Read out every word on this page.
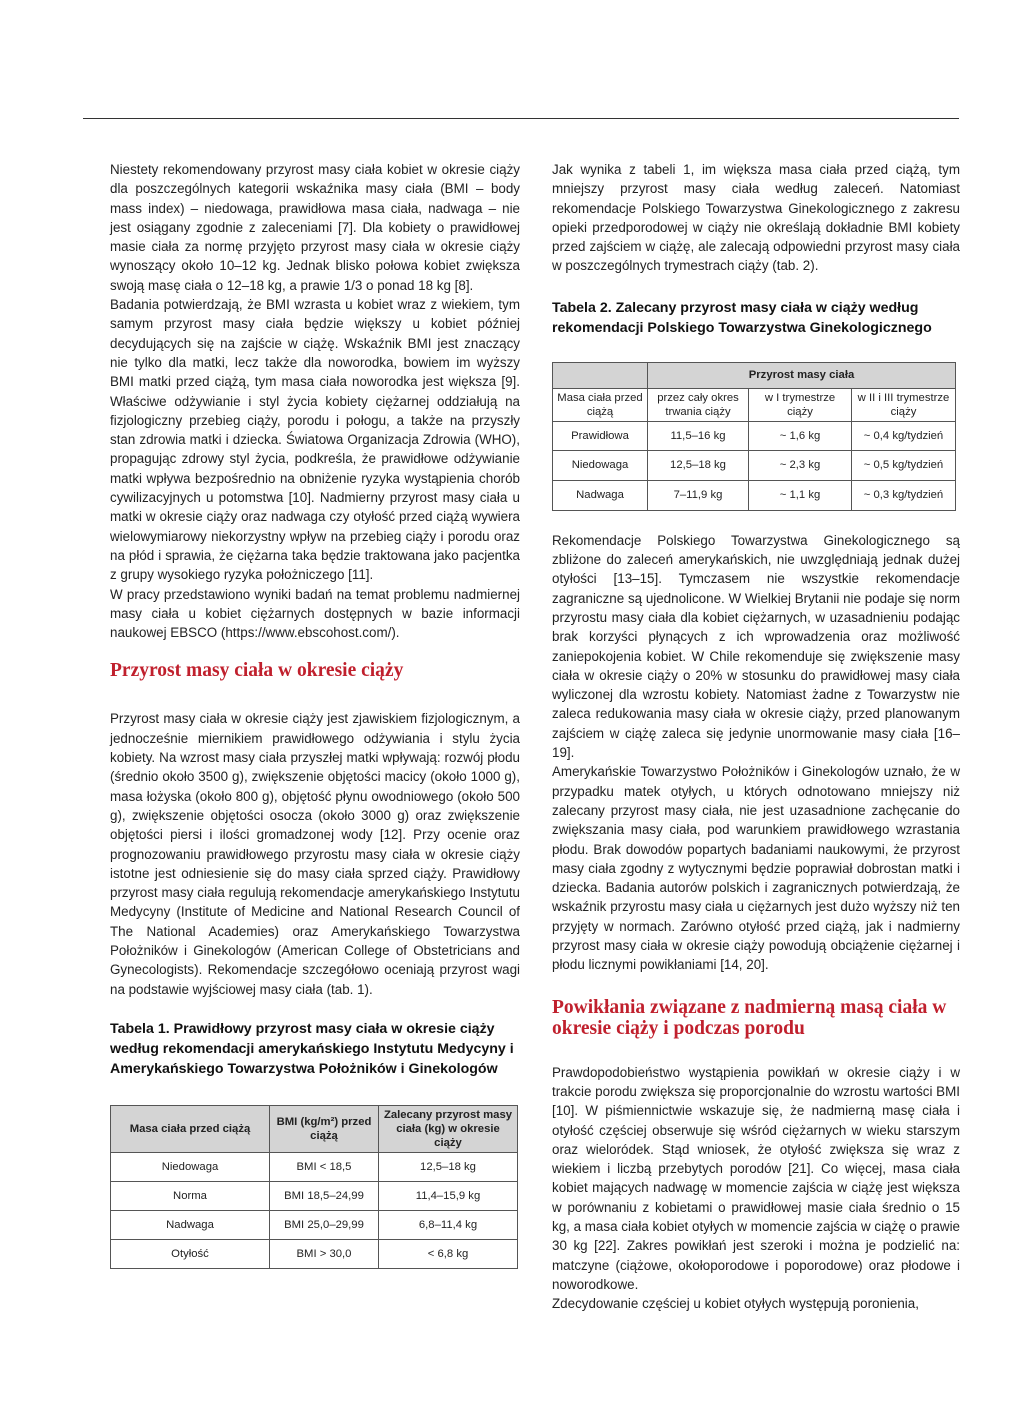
Niestety rekomendowany przyrost masy ciała kobiet w okresie ciąży dla poszczególnych kategorii wskaźnika masy ciała (BMI – body mass index) – niedowaga, prawidłowa masa ciała, nadwaga – nie jest osiągany zgodnie z zaleceniami [7]. Dla kobiety o prawidłowej masie ciała za normę przyjęto przyrost masy ciała w okresie ciąży wynoszący około 10–12 kg. Jednak blisko połowa kobiet zwiększa swoją masę ciała o 12–18 kg, a prawie 1/3 o ponad 18 kg [8].

Badania potwierdzają, że BMI wzrasta u kobiet wraz z wiekiem, tym samym przyrost masy ciała będzie większy u kobiet później decydujących się na zajście w ciążę. Wskaźnik BMI jest znaczący nie tylko dla matki, lecz także dla noworodka, bowiem im wyższy BMI matki przed ciążą, tym masa ciała noworodka jest większa [9]. Właściwe odżywianie i styl życia kobiety ciężarnej oddziałują na fizjologiczny przebieg ciąży, porodu i połogu, a także na przyszły stan zdrowia matki i dziecka. Światowa Organizacja Zdrowia (WHO), propagując zdrowy styl życia, podkreśla, że prawidłowe odżywianie matki wpływa bezpośrednio na obniżenie ryzyka wystąpienia chorób cywilizacyjnych u potomstwa [10]. Nadmierny przyrost masy ciała u matki w okresie ciąży oraz nadwaga czy otyłość przed ciążą wywiera wielowymiarowy niekorzystny wpływ na przebieg ciąży i porodu oraz na płód i sprawia, że ciężarna taka będzie traktowana jako pacjentka z grupy wysokiego ryzyka położniczego [11].

W pracy przedstawiono wyniki badań na temat problemu nadmiernej masy ciała u kobiet ciężarnych dostępnych w bazie informacji naukowej EBSCO (https://www.ebscohost.com/).

Przyrost masy ciała w okresie ciąży

Przyrost masy ciała w okresie ciąży jest zjawiskiem fizjologicznym, a jednocześnie miernikiem prawidłowego odżywiania i stylu życia kobiety. Na wzrost masy ciała przyszłej matki wpływają: rozwój płodu (średnio około 3500 g), zwiększenie objętości macicy (około 1000 g), masa łożyska (około 800 g), objętość płynu owodniowego (około 500 g), zwiększenie objętości osocza (około 3000 g) oraz zwiększenie objętości piersi i ilości gromadzonej wody [12]. Przy ocenie oraz prognozowaniu prawidłowego przyrostu masy ciała w okresie ciąży istotne jest odniesienie się do masy ciała sprzed ciąży. Prawidłowy przyrost masy ciała regulują rekomendacje amerykańskiego Instytutu Medycyny (Institute of Medicine and National Research Council of The National Academies) oraz Amerykańskiego Towarzystwa Położników i Ginekologów (American College of Obstetricians and Gynecologists). Rekomendacje szczegółowo oceniają przyrost wagi na podstawie wyjściowej masy ciała (tab. 1).

Tabela 1. Prawidłowy przyrost masy ciała w okresie ciąży według rekomendacji amerykańskiego Instytutu Medycyny i Amerykańskiego Towarzystwa Położników i Ginekologów
Masa ciała przed ciążą	BMI (kg/m²) przed ciążą	Zalecany przyrost masy ciała (kg) w okresie ciąży
Niedowaga	BMI < 18,5	12,5–18 kg
Norma	BMI 18,5–24,99	11,4–15,9 kg
Nadwaga	BMI 25,0–29,99	6,8–11,4 kg
Otyłość	BMI > 30,0	< 6,8 kg

Jak wynika z tabeli 1, im większa masa ciała przed ciążą, tym mniejszy przyrost masy ciała według zaleceń. Natomiast rekomendacje Polskiego Towarzystwa Ginekologicznego z zakresu opieki przedporodowej w ciąży nie określają dokładnie BMI kobiety przed zajściem w ciążę, ale zalecają odpowiedni przyrost masy ciała w poszczególnych trymestrach ciąży (tab. 2).

Tabela 2. Zalecany przyrost masy ciała w ciąży według rekomendacji Polskiego Towarzystwa Ginekologicznego
	Przyrost masy ciała		
Masa ciała przed ciążą	przez cały okres trwania ciąży	w I trymestrze ciąży	w II i III trymestrze ciąży
Prawidłowa	11,5–16 kg	~ 1,6 kg	~ 0,4 kg/tydzień
Niedowaga	12,5–18 kg	~ 2,3 kg	~ 0,5 kg/tydzień
Nadwaga	7–11,9 kg	~ 1,1 kg	~ 0,3 kg/tydzień

Rekomendacje Polskiego Towarzystwa Ginekologicznego są zbliżone do zaleceń amerykańskich, nie uwzględniają jednak dużej otyłości [13–15]. Tymczasem nie wszystkie rekomendacje zagraniczne są ujednolicone. W Wielkiej Brytanii nie podaje się norm przyrostu masy ciała dla kobiet ciężarnych, w uzasadnieniu podając brak korzyści płynących z ich wprowadzenia oraz możliwość zaniepokojenia kobiet. W Chile rekomenduje się zwiększenie masy ciała w okresie ciąży o 20% w stosunku do prawidłowej masy ciała wyliczonej dla wzrostu kobiety. Natomiast żadne z Towarzystw nie zaleca redukowania masy ciała w okresie ciąży, przed planowanym zajściem w ciążę zaleca się jedynie unormowanie masy ciała [16–19].

Amerykańskie Towarzystwo Położników i Ginekologów uznało, że w przypadku matek otyłych, u których odnotowano mniejszy niż zalecany przyrost masy ciała, nie jest uzasadnione zachęcanie do zwiększania masy ciała, pod warunkiem prawidłowego wzrastania płodu. Brak dowodów popartych badaniami naukowymi, że przyrost masy ciała zgodny z wytycznymi będzie poprawiał dobrostan matki i dziecka. Badania autorów polskich i zagranicznych potwierdzają, że wskaźnik przyrostu masy ciała u ciężarnych jest dużo wyższy niż ten przyjęty w normach. Zarówno otyłość przed ciążą, jak i nadmierny przyrost masy ciała w okresie ciąży powodują obciążenie ciężarnej i płodu licznymi powikłaniami [14, 20].

Powikłania związane z nadmierną masą ciała w okresie ciąży i podczas porodu

Prawdopodobieństwo wystąpienia powikłań w okresie ciąży i w trakcie porodu zwiększa się proporcjonalnie do wzrostu wartości BMI [10]. W piśmiennictwie wskazuje się, że nadmierną masę ciała i otyłość częściej obserwuje się wśród ciężarnych w wieku starszym oraz wieloródek. Stąd wniosek, że otyłość zwiększa się wraz z wiekiem i liczbą przebytych porodów [21]. Co więcej, masa ciała kobiet mających nadwagę w momencie zajścia w ciążę jest większa w porównaniu z kobietami o prawidłowej masie ciała średnio o 15 kg, a masa ciała kobiet otyłych w momencie zajścia w ciążę o prawie 30 kg [22]. Zakres powikłań jest szeroki i można je podzielić na: matczyne (ciążowe, okołoporodowe i poporodowe) oraz płodowe i noworodkowe.

Zdecydowanie częściej u kobiet otyłych występują poronienia,
